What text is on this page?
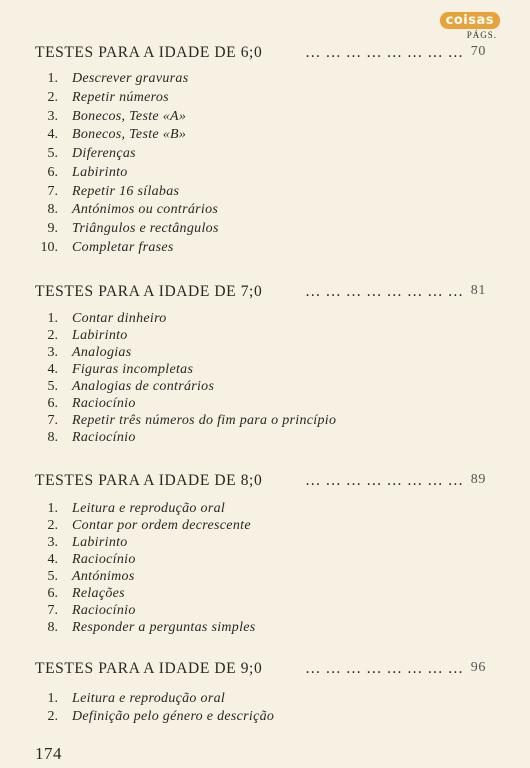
coisas
PÁGS.
TESTES PARA A IDADE DE 6;0	… … … … … … … … 70
1. Descrever gravuras
2. Repetir números
3. Bonecos, Teste «A»
4. Bonecos, Teste «B»
5. Diferenças
6. Labirinto
7. Repetir 16 sílabas
8. Antónimos ou contrários
9. Triângulos e rectângulos
10. Completar frases
TESTES PARA A IDADE DE 7;0	… … … … … … … … 81
1. Contar dinheiro
2. Labirinto
3. Analogias
4. Figuras incompletas
5. Analogias de contrários
6. Raciocínio
7. Repetir três números do fim para o princípio
8. Raciocínio
TESTES PARA A IDADE DE 8;0	… … … … … … … … 89
1. Leitura e reprodução oral
2. Contar por ordem decrescente
3. Labirinto
4. Raciocínio
5. Antónimos
6. Relações
7. Raciocínio
8. Responder a perguntas simples
TESTES PARA A IDADE DE 9;0	… … … … … … … … 96
1. Leitura e reprodução oral
2. Definição pelo género e descrição
174
